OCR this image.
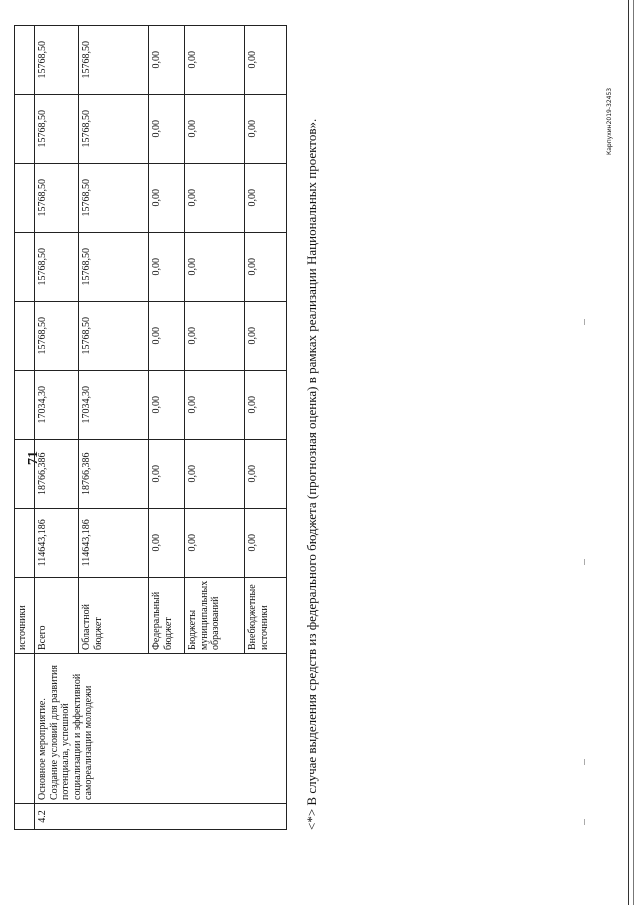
71
		источники								
4.2	Основное мероприятие. Создание условий для развития потенциала, успешной социализации и эффективной самореализации молодежи	Всего	114643,186	18766,386	17034,30	15768,50	15768,50	15768,50	15768,50	15768,50
		Областной бюджет	114643,186	18766,386	17034,30	15768,50	15768,50	15768,50	15768,50	15768,50
		Федеральный бюджет	0,00	0,00	0,00	0,00	0,00	0,00	0,00	0,00
		Бюджеты муниципальных образований	0,00	0,00	0,00	0,00	0,00	0,00	0,00	0,00
		Внебюджетные источники	0,00	0,00	0,00	0,00	0,00	0,00	0,00	0,00
<*> В случае выделения средств из федерального бюджета (прогнозная оценка) в рамках реализации Национальных проектов».	Карпухин2019-32453
